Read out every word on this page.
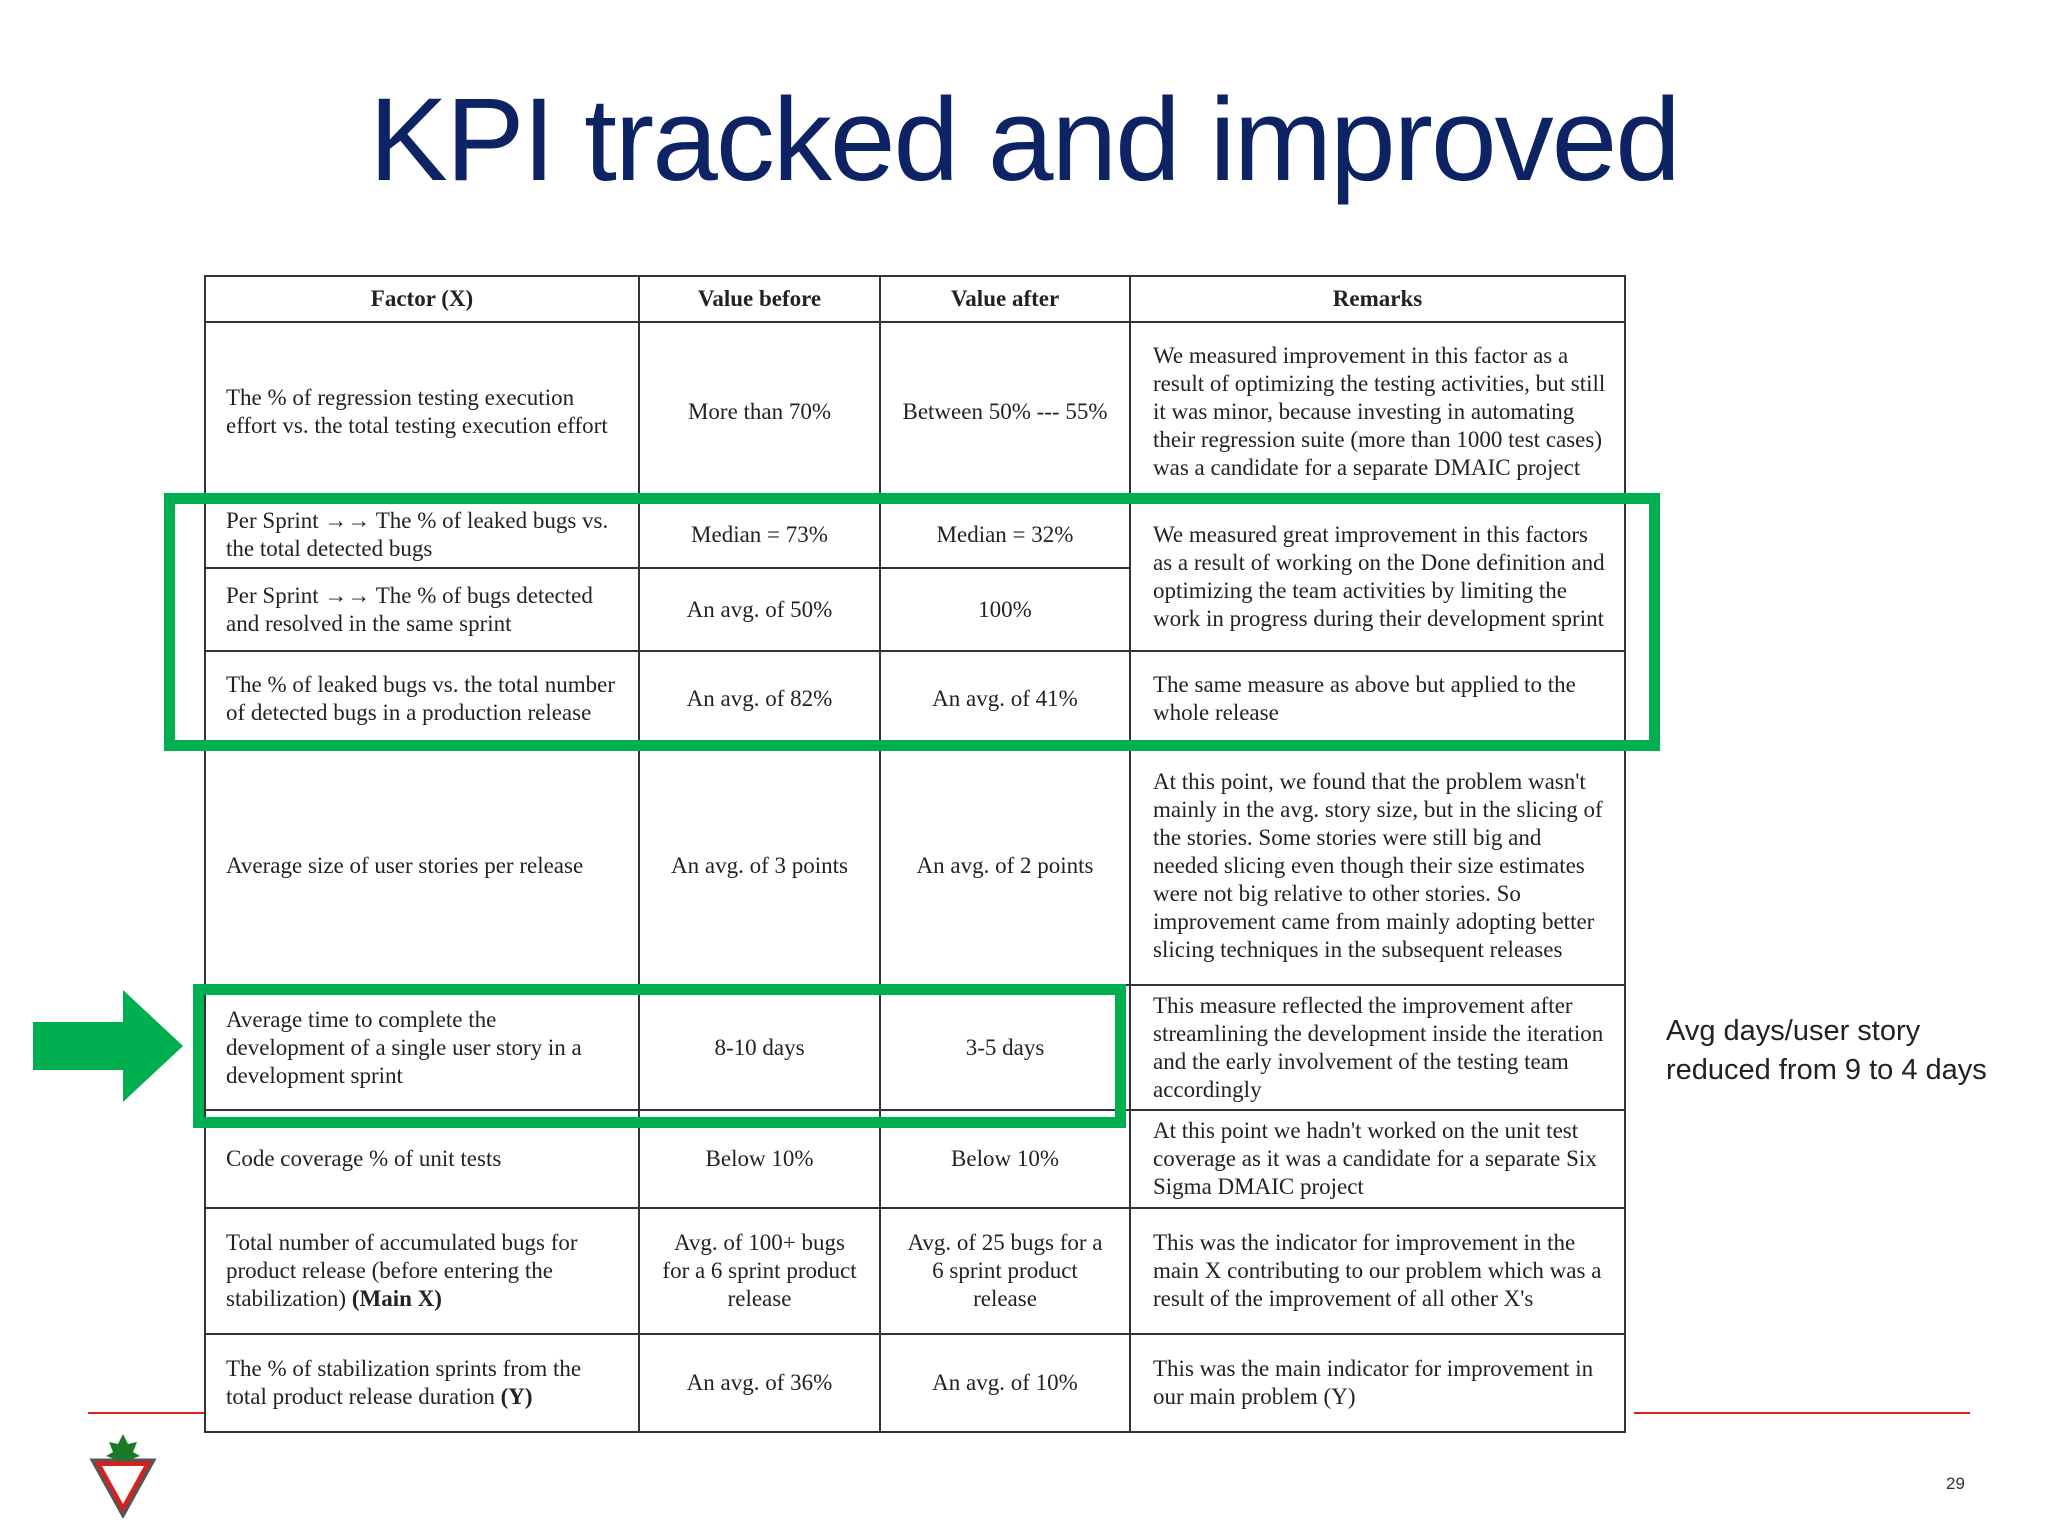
KPI tracked and improved
Factor (X)	Value before	Value after	Remarks
The % of regression testing execution effort vs. the total testing execution effort	More than 70%	Between 50% --- 55%	We measured improvement in this factor as a result of optimizing the testing activities, but still it was minor, because investing in automating their regression suite (more than 1000 test cases) was a candidate for a separate DMAIC project
Per Sprint →→ The % of leaked bugs vs. the total detected bugs	Median = 73%	Median = 32%	We measured great improvement in this factors as a result of working on the Done definition and optimizing the team activities by limiting the work in progress during their development sprint
Per Sprint →→ The % of bugs detected and resolved in the same sprint	An avg. of 50%	100%	
The % of leaked bugs vs. the total number of detected bugs in a production release	An avg. of 82%	An avg. of 41%	The same measure as above but applied to the whole release
Average size of user stories per release	An avg. of 3 points	An avg. of 2 points	At this point, we found that the problem wasn't mainly in the avg. story size, but in the slicing of the stories. Some stories were still big and needed slicing even though their size estimates were not big relative to other stories. So improvement came from mainly adopting better slicing techniques in the subsequent releases
Average time to complete the development of a single user story in a development sprint	8-10 days	3-5 days	This measure reflected the improvement after streamlining the development inside the iteration and the early involvement of the testing team accordingly
Code coverage % of unit tests	Below 10%	Below 10%	At this point we hadn't worked on the unit test coverage as it was a candidate for a separate Six Sigma DMAIC project
Total number of accumulated bugs for product release (before entering the stabilization) (Main X)	Avg. of 100+ bugs for a 6 sprint product release	Avg. of 25 bugs for a 6 sprint product release	This was the indicator for improvement in the main X contributing to our problem which was a result of the improvement of all other X's
The % of stabilization sprints from the total product release duration (Y)	An avg. of 36%	An avg. of 10%	This was the main indicator for improvement in our main problem (Y)
Avg days/user story
reduced from 9 to 4 days
29
